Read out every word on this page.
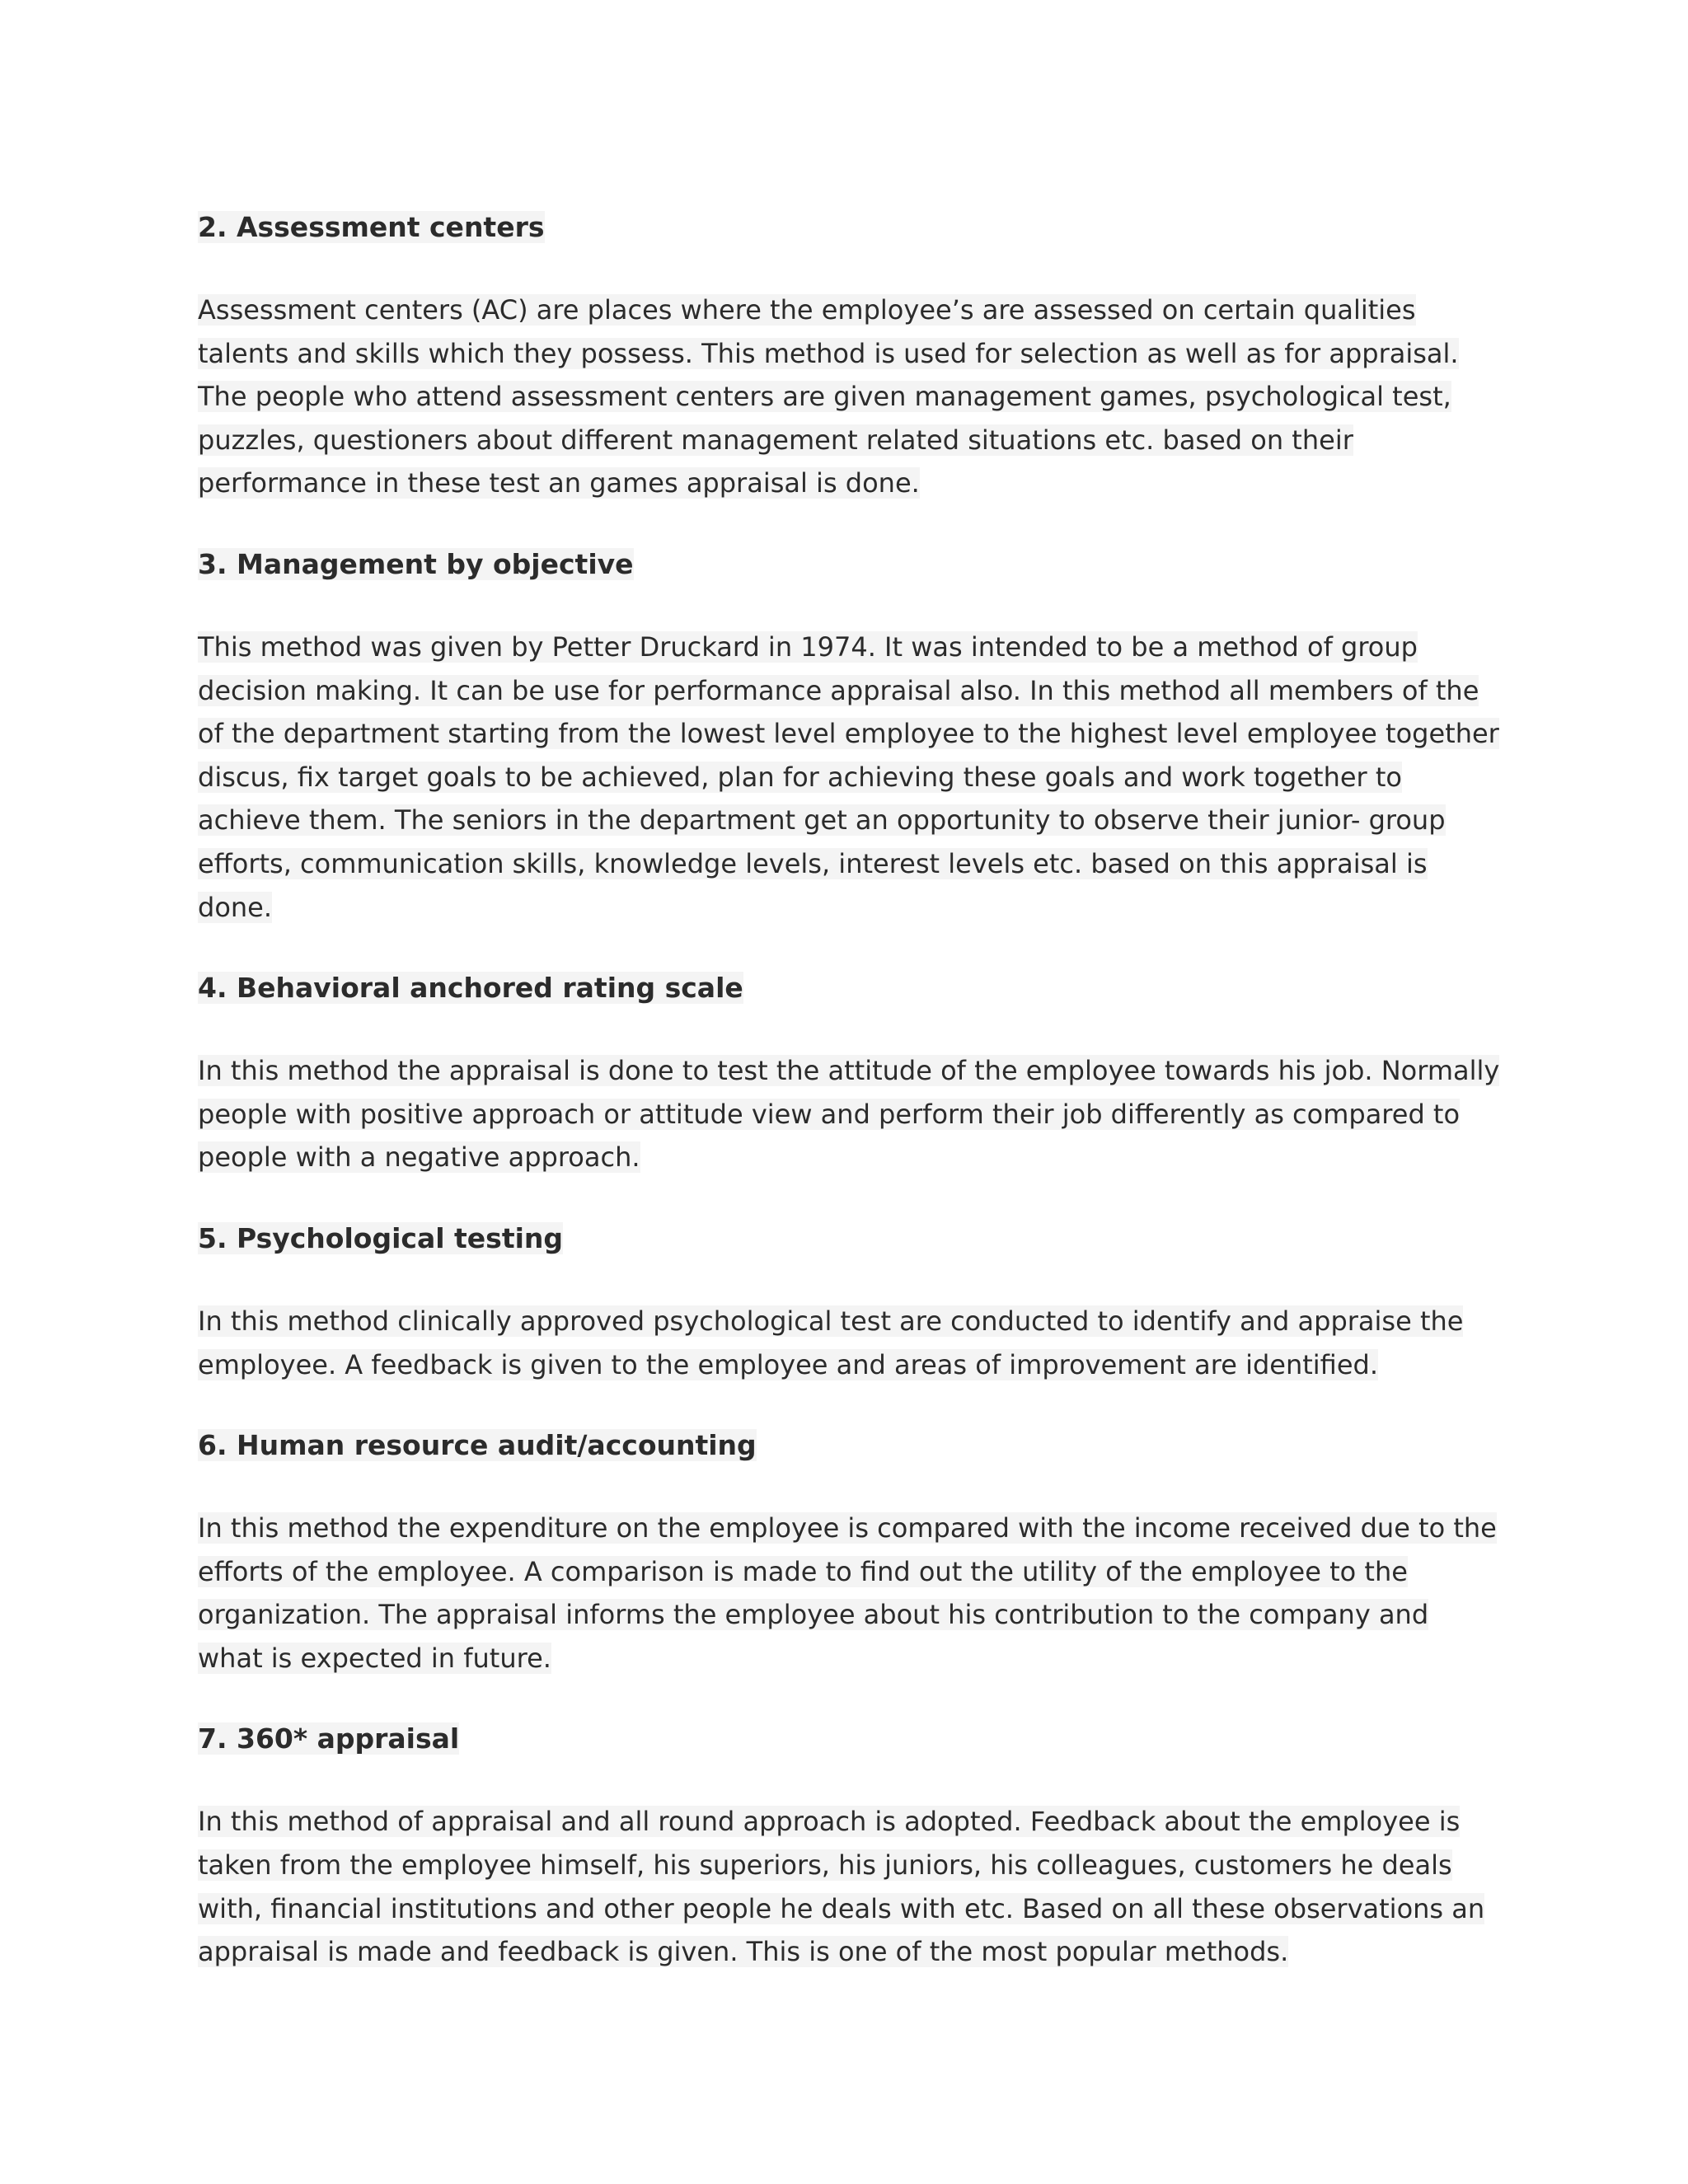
2. Assessment centers

Assessment centers (AC) are places where the employee’s are assessed on certain qualities talents and skills which they possess. This method is used for selection as well as for appraisal. The people who attend assessment centers are given management games, psychological test, puzzles, questioners about different management related situations etc. based on their performance in these test an games appraisal is done.

3. Management by objective

This method was given by Petter Druckard in 1974. It was intended to be a method of group decision making. It can be use for performance appraisal also. In this method all members of the of the department starting from the lowest level employee to the highest level employee together discus, fix target goals to be achieved, plan for achieving these goals and work together to achieve them. The seniors in the department get an opportunity to observe their junior- group efforts, communication skills, knowledge levels, interest levels etc. based on this appraisal is done.

4. Behavioral anchored rating scale

In this method the appraisal is done to test the attitude of the employee towards his job. Normally people with positive approach or attitude view and perform their job differently as compared to people with a negative approach.

5. Psychological testing

In this method clinically approved psychological test are conducted to identify and appraise the employee. A feedback is given to the employee and areas of improvement are identified.

6. Human resource audit/accounting

In this method the expenditure on the employee is compared with the income received due to the efforts of the employee. A comparison is made to find out the utility of the employee to the organization. The appraisal informs the employee about his contribution to the company and what is expected in future.

7. 360* appraisal

In this method of appraisal and all round approach is adopted. Feedback about the employee is taken from the employee himself, his superiors, his juniors, his colleagues, customers he deals with, financial institutions and other people he deals with etc. Based on all these observations an appraisal is made and feedback is given. This is one of the most popular methods.
